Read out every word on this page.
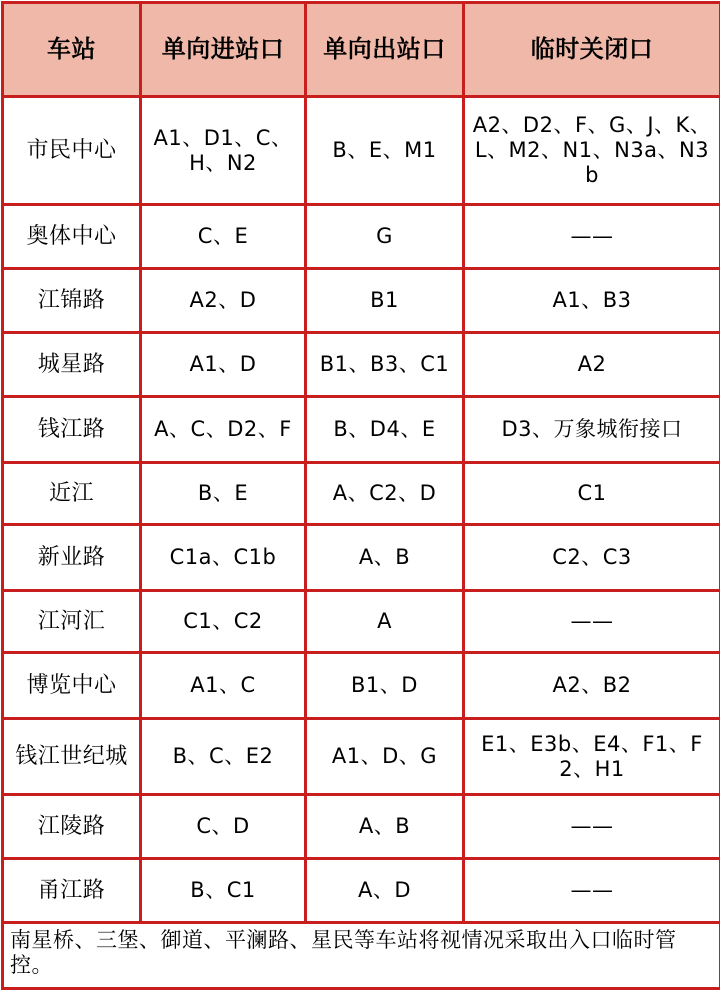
车站	单向进站口	单向出站口	临时关闭口
市民中心	A1、D1、C、H、N2	B、E、M1	A2、D2、F、G、J、K、L、M2、N1、N3a、N3b
奥体中心	C、E	G	——
江锦路	A2、D	B1	A1、B3
城星路	A1、D	B1、B3、C1	A2
钱江路	A、C、D2、F	B、D4、E	D3、万象城衔接口
近江	B、E	A、C2、D	C1
新业路	C1a、C1b	A、B	C2、C3
江河汇	C1、C2	A	——
博览中心	A1、C	B1、D	A2、B2
钱江世纪城	B、C、E2	A1、D、G	E1、E3b、E4、F1、F2、H1
江陵路	C、D	A、B	——
甬江路	B、C1	A、D	——
南星桥、三堡、御道、平澜路、星民等车站将视情况采取出入口临时管控。			
